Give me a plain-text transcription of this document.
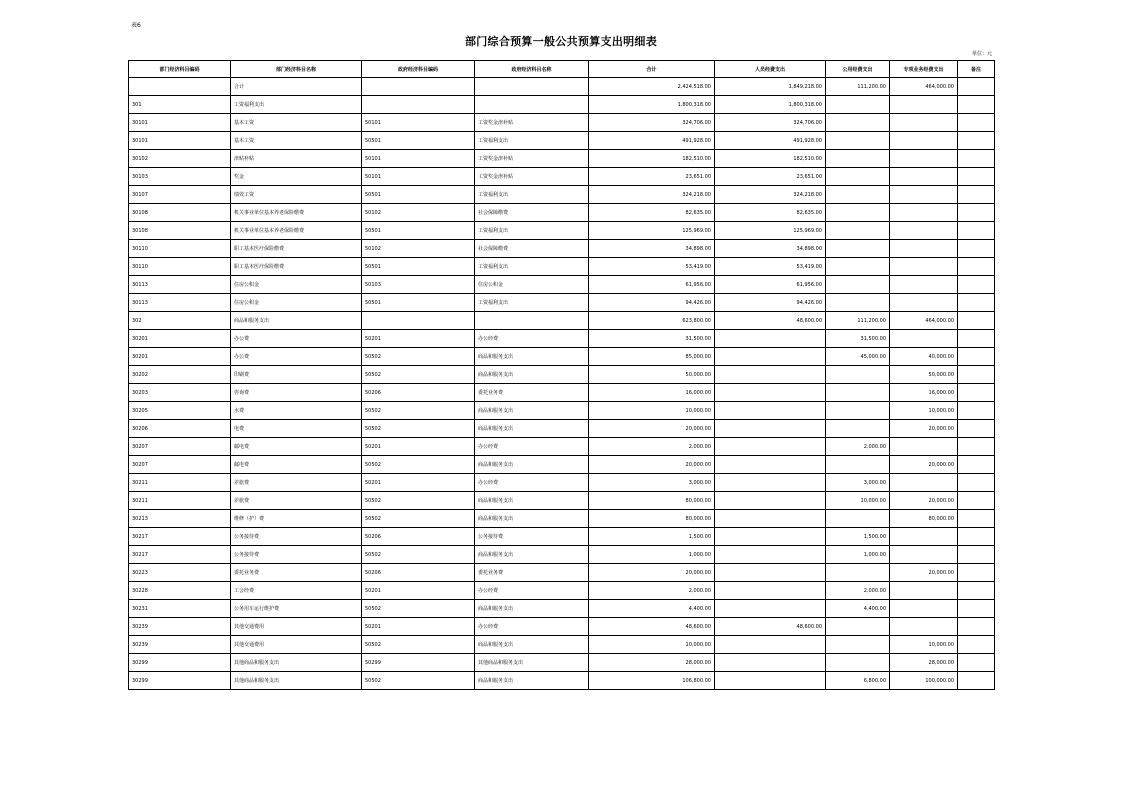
表6
部门综合预算一般公共预算支出明细表
单位：元
部门经济科目编码	部门经济科目名称	政府经济科目编码	政府经济科目名称	合计	人员经费支出	公用经费支出	专项业务经费支出	备注
	合计			2,424,518.00	1,849,218.00	111,200.00	464,000.00	
301	工资福利支出			1,800,318.00	1,800,318.00			
30101	基本工资	50101	工资奖金津补贴	324,706.00	324,706.00			
30101	基本工资	50501	工资福利支出	491,928.00	491,928.00			
30102	津贴补贴	50101	工资奖金津补贴	182,510.00	182,510.00			
30103	奖金	50101	工资奖金津补贴	23,651.00	23,651.00			
30107	绩效工资	50501	工资福利支出	324,218.00	324,218.00			
30108	机关事业单位基本养老保险缴费	50102	社会保障缴费	82,635.00	82,635.00			
30108	机关事业单位基本养老保险缴费	50501	工资福利支出	125,969.00	125,969.00			
30110	职工基本医疗保险缴费	50102	社会保障缴费	34,898.00	34,898.00			
30110	职工基本医疗保险缴费	50501	工资福利支出	53,419.00	53,419.00			
30113	住房公积金	50103	住房公积金	61,956.00	61,956.00			
30113	住房公积金	50501	工资福利支出	94,426.00	94,426.00			
302	商品和服务支出			623,800.00	48,600.00	111,200.00	464,000.00	
30201	办公费	50201	办公经费	31,500.00		31,500.00		
30201	办公费	50502	商品和服务支出	85,000.00		45,000.00	40,000.00	
30202	印刷费	50502	商品和服务支出	50,000.00			50,000.00	
30203	咨询费	50206	委托业务费	16,000.00			16,000.00	
30205	水费	50502	商品和服务支出	10,000.00			10,000.00	
30206	电费	50502	商品和服务支出	20,000.00			20,000.00	
30207	邮电费	50201	办公经费	2,000.00		2,000.00		
30207	邮电费	50502	商品和服务支出	20,000.00			20,000.00	
30211	差旅费	50201	办公经费	3,000.00		3,000.00		
30211	差旅费	50502	商品和服务支出	80,000.00		10,000.00	20,000.00	
30213	维修（护）费	50502	商品和服务支出	80,000.00			80,000.00	
30217	公务接待费	50206	公务接待费	1,500.00		1,500.00		
30217	公务接待费	50502	商品和服务支出	1,000.00		1,000.00		
30223	委托业务费	50206	委托业务费	20,000.00			20,000.00	
30228	工会经费	50201	办公经费	2,000.00		2,000.00		
30231	公务用车运行维护费	50502	商品和服务支出	4,400.00		4,400.00		
30239	其他交通费用	50201	办公经费	48,600.00	48,600.00			
30239	其他交通费用	50502	商品和服务支出	10,000.00			10,000.00	
30299	其他商品和服务支出	50299	其他商品和服务支出	28,000.00			28,000.00	
30299	其他商品和服务支出	50502	商品和服务支出	106,800.00		6,800.00	100,000.00	
